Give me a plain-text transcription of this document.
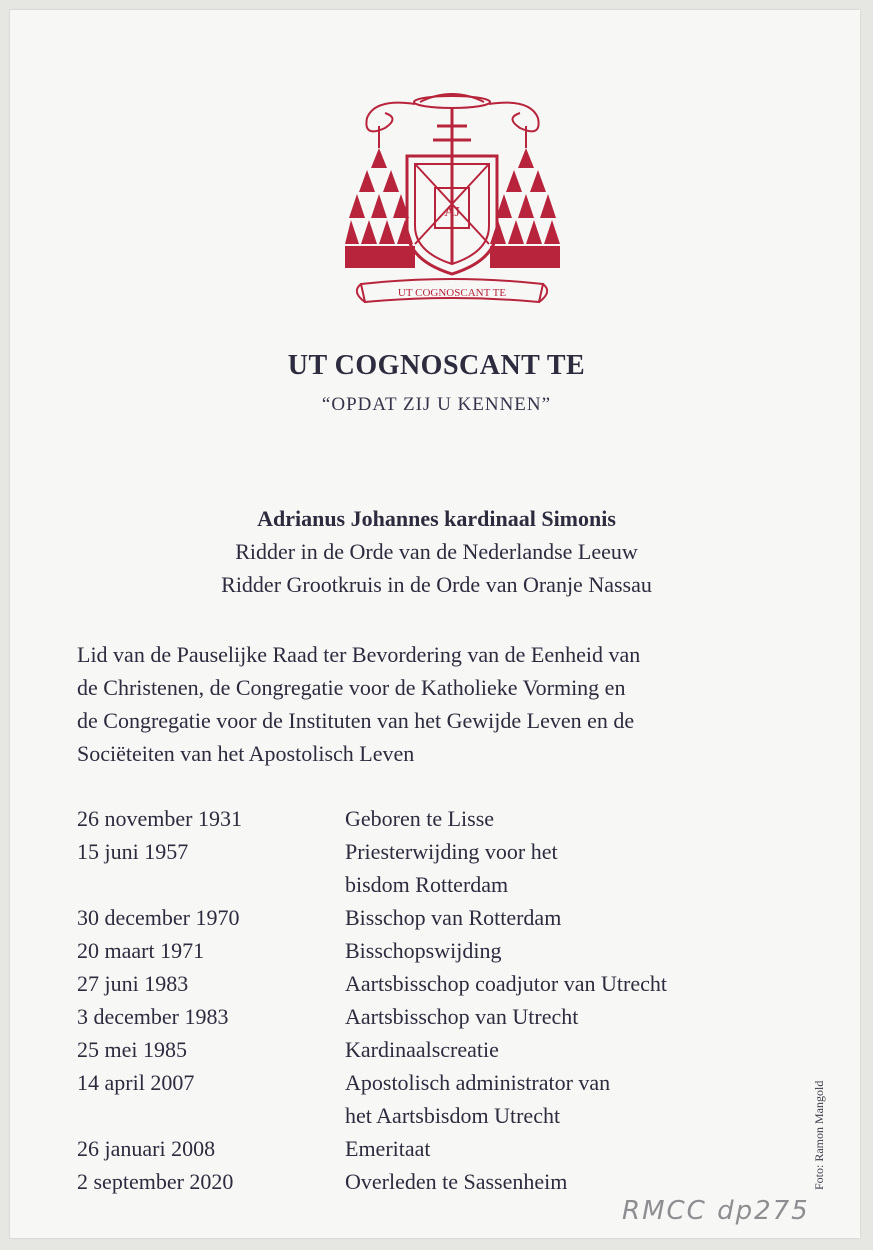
AJ
UT COGNOSCANT TE
UT COGNOSCANT TE
“OPDAT ZIJ U KENNEN”
Adrianus Johannes kardinaal Simonis
Ridder in de Orde van de Nederlandse Leeuw
Ridder Grootkruis in de Orde van Oranje Nassau
Lid van de Pauselijke Raad ter Bevordering van de Eenheid van
de Christenen, de Congregatie voor de Katholieke Vorming en
de Congregatie voor de Instituten van het Gewijde Leven en de
Sociëteiten van het Apostolisch Leven
26 november 1931	Geboren te Lisse
15 juni 1957	Priesterwijding voor het
bisdom Rotterdam
30 december 1970	Bisschop van Rotterdam
20 maart 1971	Bisschopswijding
27 juni 1983	Aartsbisschop coadjutor van Utrecht
3 december 1983	Aartsbisschop van Utrecht
25 mei 1985	Kardinaalscreatie
14 april 2007	Apostolisch administrator van
het Aartsbisdom Utrecht
26 januari 2008	Emeritaat
2 september 2020	Overleden te Sassenheim	Foto: Ramon Mangold
RMCC dp275
